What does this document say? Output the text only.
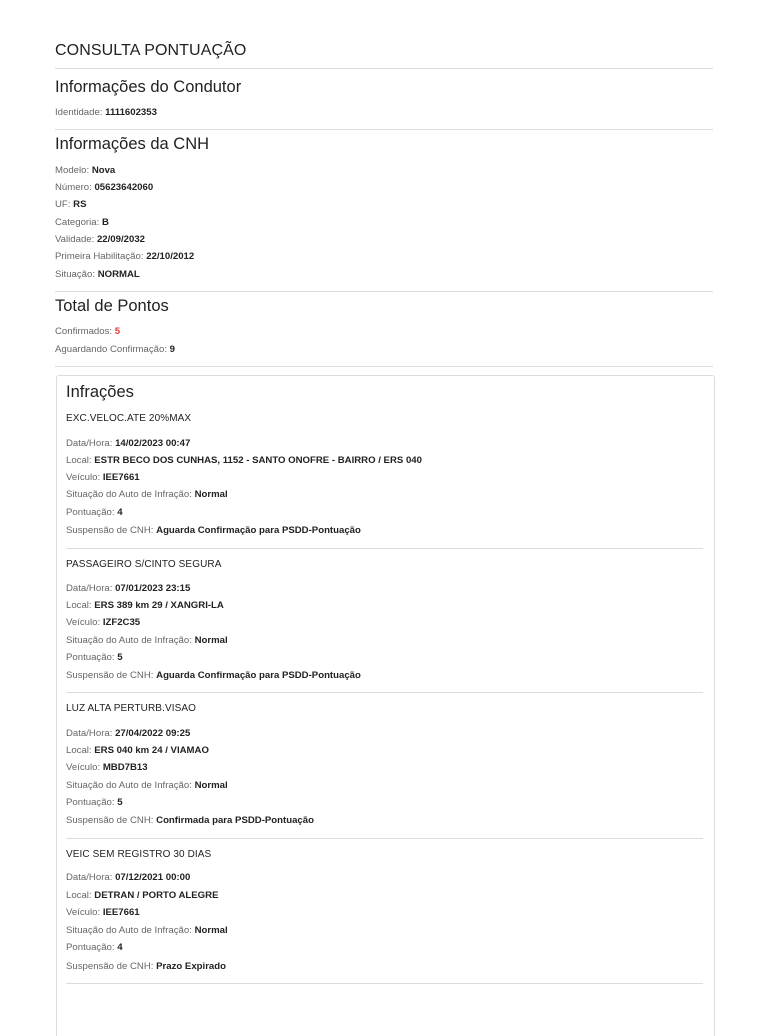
CONSULTA PONTUAÇÃO
Informações do Condutor
Identidade: 1111602353
Informações da CNH
Modelo: Nova
Número: 05623642060
UF: RS
Categoria: B
Validade: 22/09/2032
Primeira Habilitação: 22/10/2012
Situação: NORMAL
Total de Pontos
Confirmados: 5
Aguardando Confirmação: 9
Infrações
EXC.VELOC.ATE 20%MAX
Data/Hora: 14/02/2023 00:47
Local: ESTR BECO DOS CUNHAS, 1152 - SANTO ONOFRE - BAIRRO / ERS 040
Veículo: IEE7661
Situação do Auto de Infração: Normal
Pontuação: 4
Suspensão de CNH: Aguarda Confirmação para PSDD-Pontuação
PASSAGEIRO S/CINTO SEGURA
Data/Hora: 07/01/2023 23:15
Local: ERS 389 km 29 / XANGRI-LA
Veículo: IZF2C35
Situação do Auto de Infração: Normal
Pontuação: 5
Suspensão de CNH: Aguarda Confirmação para PSDD-Pontuação
LUZ ALTA PERTURB.VISAO
Data/Hora: 27/04/2022 09:25
Local: ERS 040 km 24 / VIAMAO
Veículo: MBD7B13
Situação do Auto de Infração: Normal
Pontuação: 5
Suspensão de CNH: Confirmada para PSDD-Pontuação
VEIC SEM REGISTRO 30 DIAS
Data/Hora: 07/12/2021 00:00
Local: DETRAN / PORTO ALEGRE
Veículo: IEE7661
Situação do Auto de Infração: Normal
Pontuação: 4
Suspensão de CNH: Prazo Expirado
